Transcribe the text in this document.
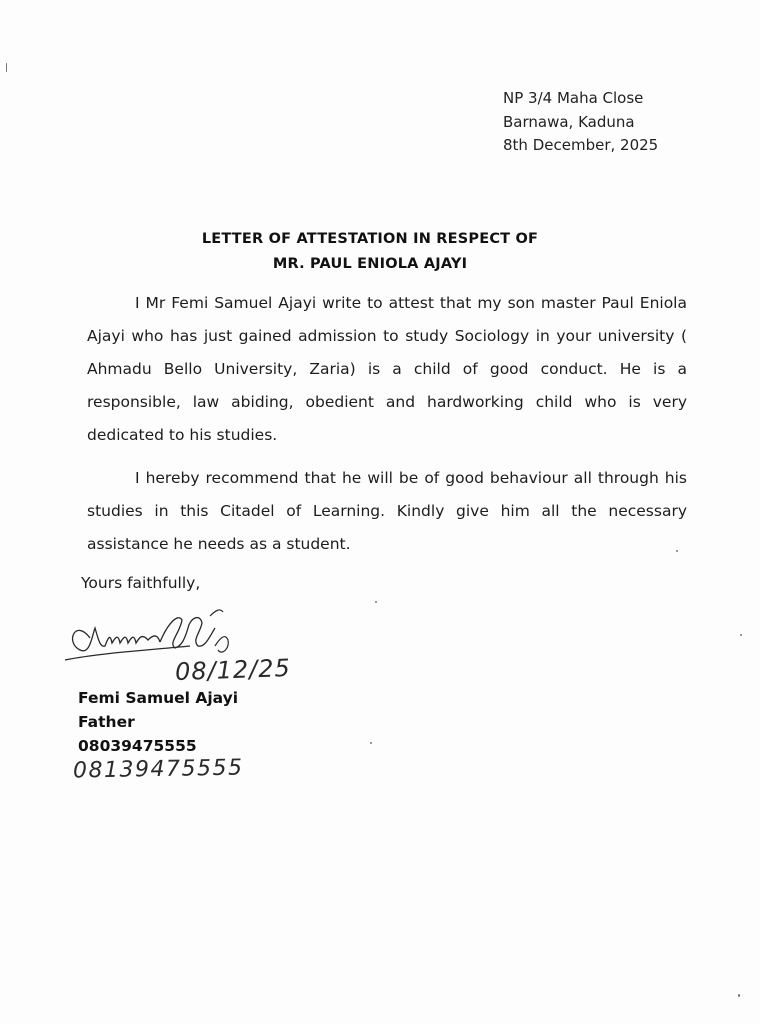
NP 3/4 Maha Close
Barnawa, Kaduna
8th December, 2025
LETTER OF ATTESTATION IN RESPECT OF
MR. PAUL ENIOLA AJAYI
I Mr Femi Samuel Ajayi write to attest that my son master Paul Eniola Ajayi who has just gained admission to study Sociology in your university ( Ahmadu Bello University, Zaria) is a child of good conduct. He is a responsible, law abiding, obedient and hardworking child who is very dedicated to his studies.
I hereby recommend that he will be of good behaviour all through his studies in this Citadel of Learning. Kindly give him all the necessary assistance he needs as a student.
Yours faithfully,
08/12/25
Femi Samuel Ajayi
Father
08039475555
08139475555
